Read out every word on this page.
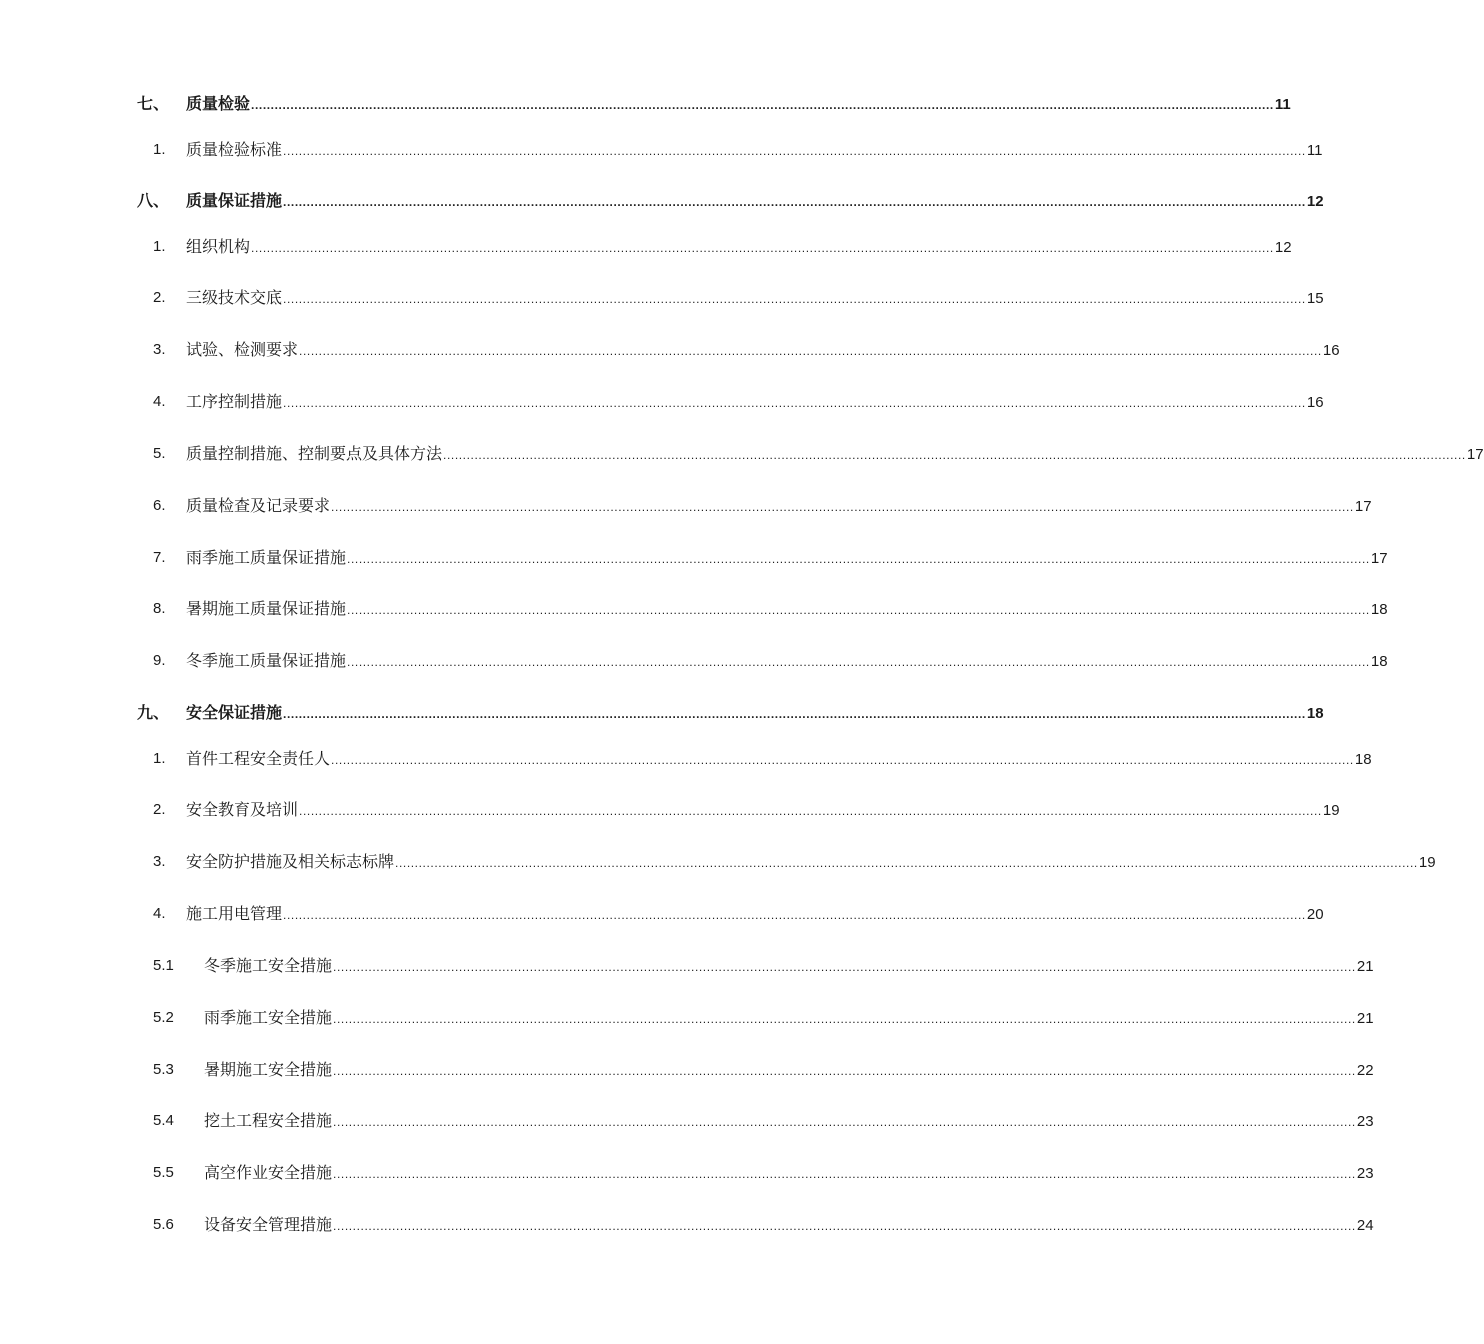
七、 质量检验 .................................................................................................................................................................................................................................................................... 11
1. 质量检验标准 .................................................................................................................................................................................................................................................................... 11
八、 质量保证措施 .................................................................................................................................................................................................................................................................... 12
1. 组织机构 .................................................................................................................................................................................................................................................................... 12
2. 三级技术交底 .................................................................................................................................................................................................................................................................... 15
3. 试验、检测要求 .................................................................................................................................................................................................................................................................... 16
4. 工序控制措施 .................................................................................................................................................................................................................................................................... 16
5. 质量控制措施、控制要点及具体方法 .................................................................................................................................................................................................................................................................... 17
6. 质量检查及记录要求 .................................................................................................................................................................................................................................................................... 17
7. 雨季施工质量保证措施 .................................................................................................................................................................................................................................................................... 17
8. 暑期施工质量保证措施 .................................................................................................................................................................................................................................................................... 18
9. 冬季施工质量保证措施 .................................................................................................................................................................................................................................................................... 18
九、 安全保证措施 .................................................................................................................................................................................................................................................................... 18
1. 首件工程安全责任人 .................................................................................................................................................................................................................................................................... 18
2. 安全教育及培训 .................................................................................................................................................................................................................................................................... 19
3. 安全防护措施及相关标志标牌 .................................................................................................................................................................................................................................................................... 19
4. 施工用电管理 .................................................................................................................................................................................................................................................................... 20
5.1 冬季施工安全措施 .................................................................................................................................................................................................................................................................... 21
5.2 雨季施工安全措施 .................................................................................................................................................................................................................................................................... 21
5.3 暑期施工安全措施 .................................................................................................................................................................................................................................................................... 22
5.4 挖土工程安全措施 .................................................................................................................................................................................................................................................................... 23
5.5 高空作业安全措施 .................................................................................................................................................................................................................................................................... 23
5.6 设备安全管理措施 .................................................................................................................................................................................................................................................................... 24
